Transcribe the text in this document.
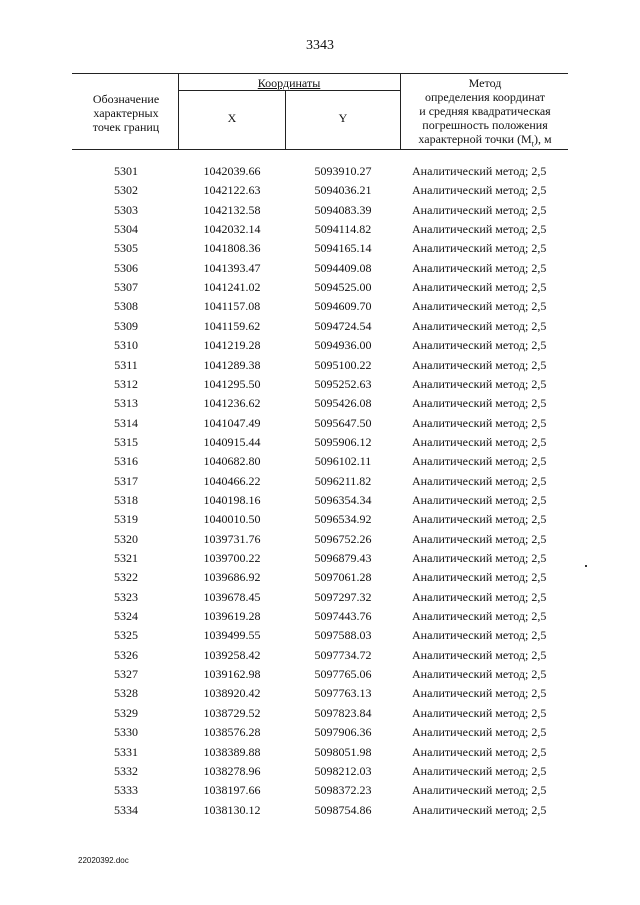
3343
Обозначение
характерных
точек границ
Координаты
X	Y
Метод
определения координат
и средняя квадратическая
погрешность положения
характерной точки $(М_t)$, м
5301	1042039.66	5093910.27	Аналитический метод; 2,5
5302	1042122.63	5094036.21	Аналитический метод; 2,5
5303	1042132.58	5094083.39	Аналитический метод; 2,5
5304	1042032.14	5094114.82	Аналитический метод; 2,5
5305	1041808.36	5094165.14	Аналитический метод; 2,5
5306	1041393.47	5094409.08	Аналитический метод; 2,5
5307	1041241.02	5094525.00	Аналитический метод; 2,5
5308	1041157.08	5094609.70	Аналитический метод; 2,5
5309	1041159.62	5094724.54	Аналитический метод; 2,5
5310	1041219.28	5094936.00	Аналитический метод; 2,5
5311	1041289.38	5095100.22	Аналитический метод; 2,5
5312	1041295.50	5095252.63	Аналитический метод; 2,5
5313	1041236.62	5095426.08	Аналитический метод; 2,5
5314	1041047.49	5095647.50	Аналитический метод; 2,5
5315	1040915.44	5095906.12	Аналитический метод; 2,5
5316	1040682.80	5096102.11	Аналитический метод; 2,5
5317	1040466.22	5096211.82	Аналитический метод; 2,5
5318	1040198.16	5096354.34	Аналитический метод; 2,5
5319	1040010.50	5096534.92	Аналитический метод; 2,5
5320	1039731.76	5096752.26	Аналитический метод; 2,5
5321	1039700.22	5096879.43	Аналитический метод; 2,5
5322	1039686.92	5097061.28	Аналитический метод; 2,5
5323	1039678.45	5097297.32	Аналитический метод; 2,5
5324	1039619.28	5097443.76	Аналитический метод; 2,5
5325	1039499.55	5097588.03	Аналитический метод; 2,5
5326	1039258.42	5097734.72	Аналитический метод; 2,5
5327	1039162.98	5097765.06	Аналитический метод; 2,5
5328	1038920.42	5097763.13	Аналитический метод; 2,5
5329	1038729.52	5097823.84	Аналитический метод; 2,5
5330	1038576.28	5097906.36	Аналитический метод; 2,5
5331	1038389.88	5098051.98	Аналитический метод; 2,5
5332	1038278.96	5098212.03	Аналитический метод; 2,5
5333	1038197.66	5098372.23	Аналитический метод; 2,5
5334	1038130.12	5098754.86	Аналитический метод; 2,5
22020392.doc
